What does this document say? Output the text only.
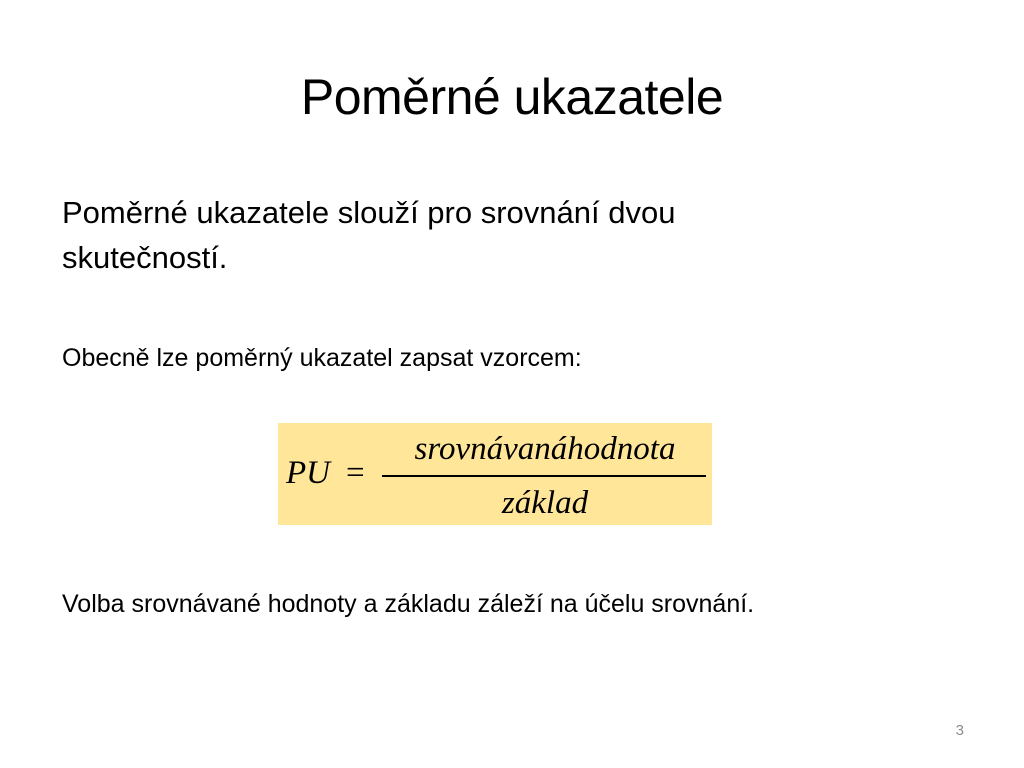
Poměrné ukazatele
Poměrné ukazatele slouží pro srovnání dvou skutečností.
Obecně lze poměrný ukazatel zapsat vzorcem:
PU =
srovnávanáhodnota
základ
Volba srovnávané hodnoty a základu záleží na účelu srovnání.
3
